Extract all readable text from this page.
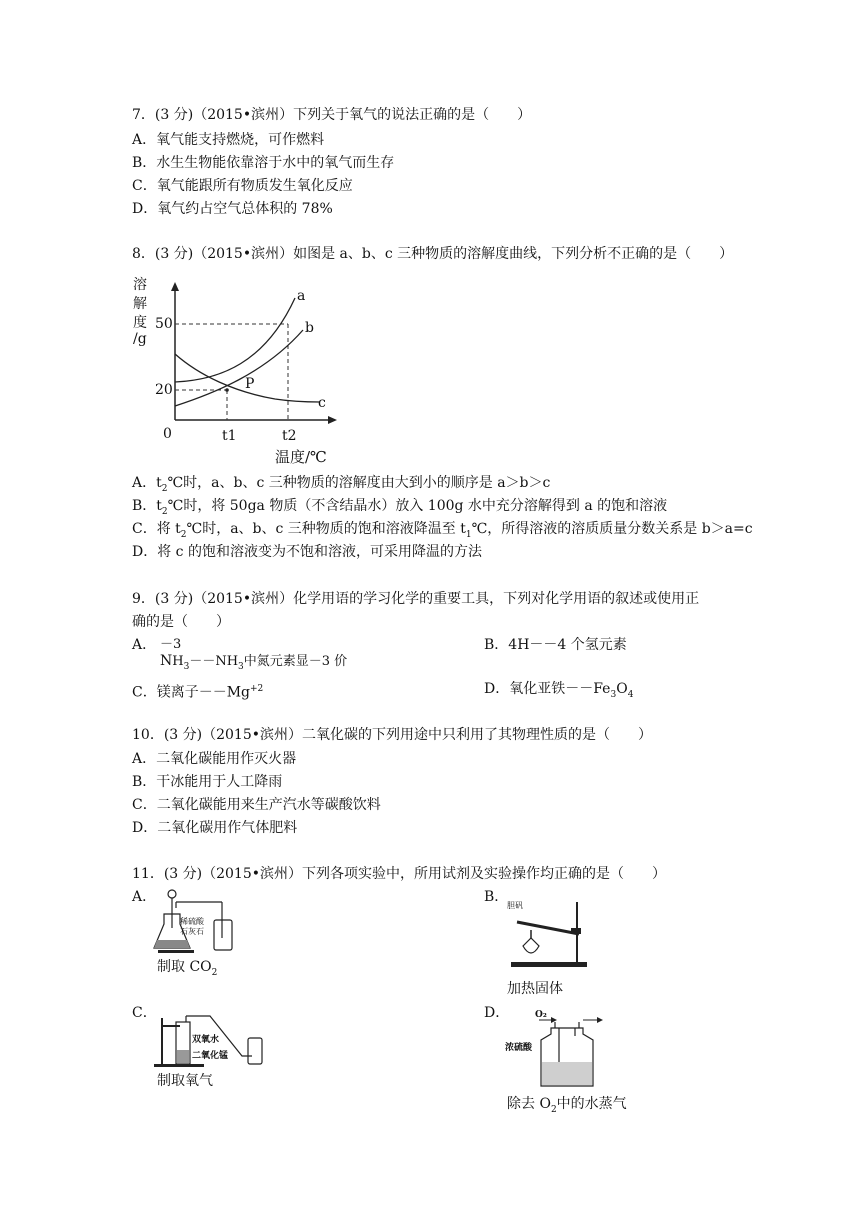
7．(3 分)（2015•滨州）下列关于氧气的说法正确的是（　　）
A．氧气能支持燃烧，可作燃料
B．水生生物能依靠溶于水中的氧气而生存
C．氧气能跟所有物质发生氧化反应
D．氧气约占空气总体积的 78%
8．(3 分)（2015•滨州）如图是 a、b、c 三种物质的溶解度曲线，下列分析不正确的是（　　）
溶
解
度
/g
50
20
0	t1	t2
温度/℃
a
b
c
P
A．$t_2℃$时，a、b、c 三种物质的溶解度由大到小的顺序是 a＞b＞c
B．$t_2℃$时，将 50ga 物质（不含结晶水）放入 100g 水中充分溶解得到 a 的饱和溶液
C．将 $t_2℃$时，a、b、c 三种物质的饱和溶液降温至 $t_1℃$，所得溶液的溶质质量分数关系是 b＞a=c
D．将 c 的饱和溶液变为不饱和溶液，可采用降温的方法
9．(3 分)（2015•滨州）化学用语的学习化学的重要工具，下列对化学用语的叙述或使用正
确的是（　　）
A． －3
$NH_3--NH_3$中氮元素显－3 价
B．4H－－4 个氢元素
C．镁离子$--Mg^{+2}$	D．氧化亚铁$--Fe_3O_4$
10．(3 分)（2015•滨州）二氧化碳的下列用途中只利用了其物理性质的是（　　）
A．二氧化碳能用作灭火器
B．干冰能用于人工降雨
C．二氧化碳能用来生产汽水等碳酸饮料
D．二氧化碳用作气体肥料
11．(3 分)（2015•滨州）下列各项实验中，所用试剂及实验操作均正确的是（　　）
A．
稀硫酸
石灰石
制取 $CO_2$
B．
胆矾
加热固体
C．
双氧水
二氧化锰
制取氧气
D．	O₂
浓硫酸
除去 $O_2$中的水蒸气
